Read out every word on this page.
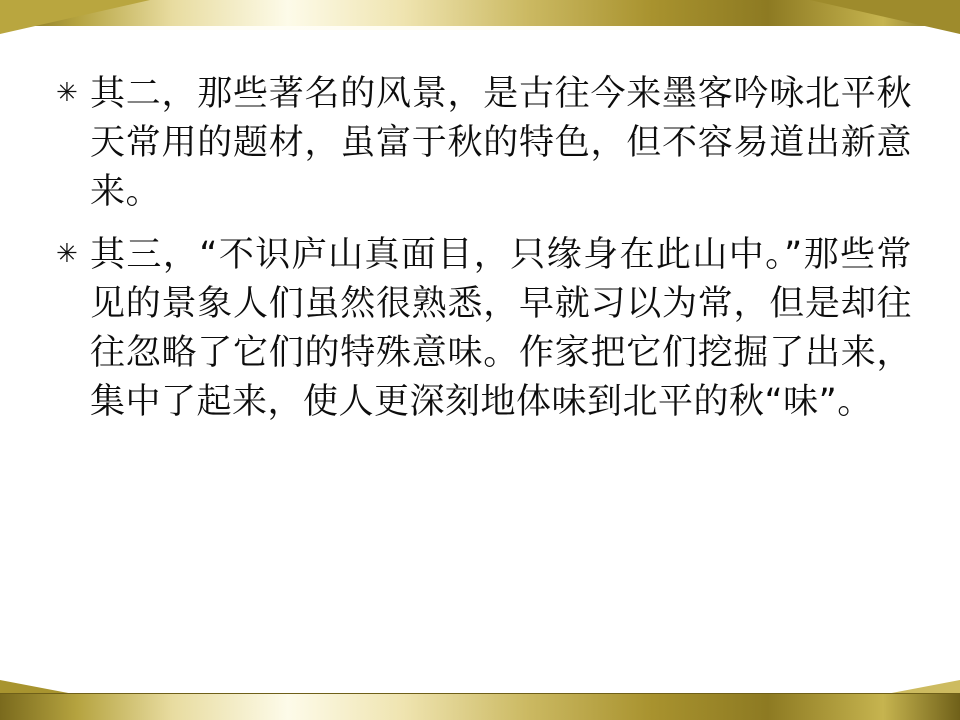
✳ 其二，那些著名的风景，是古往今来墨客吟咏北平秋天常用的题材，虽富于秋的特色，但不容易道出新意来。
✳ 其三，“不识庐山真面目，只缘身在此山中。”那些常见的景象人们虽然很熟悉，早就习以为常，但是却往往忽略了它们的特殊意味。作家把它们挖掘了出来，集中了起来，使人更深刻地体味到北平的秋“味”。
